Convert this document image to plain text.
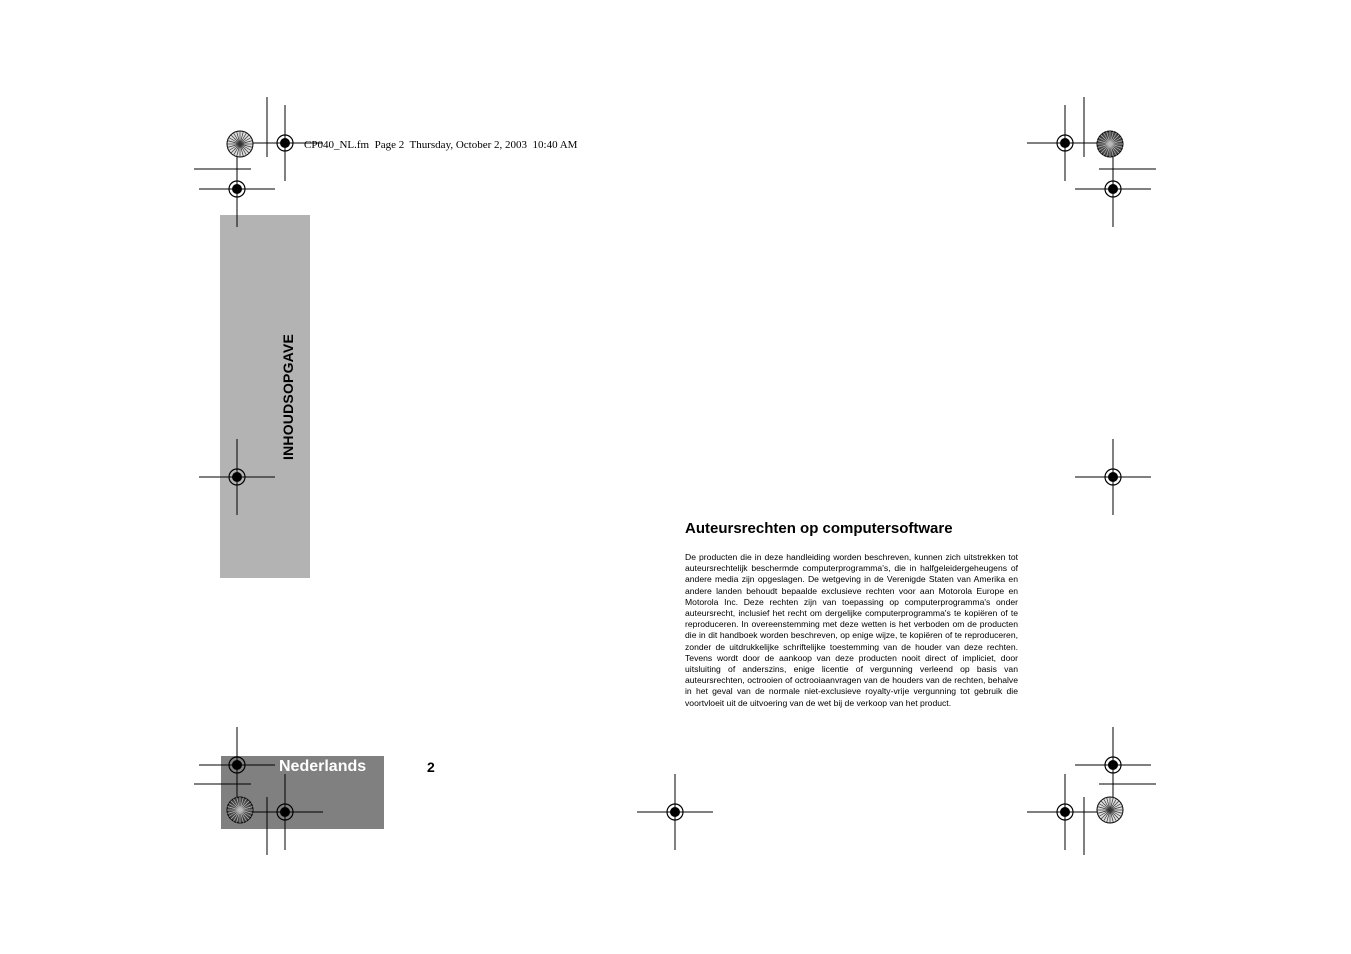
CP040_NL.fm  Page 2  Thursday, October 2, 2003  10:40 AM
INHOUDSOPGAVE
Nederlands	2
Auteursrechten op computersoftware

De producten die in deze handleiding worden beschreven, kunnen zich uitstrekken tot auteursrechtelijk beschermde computerprogramma's, die in halfgeleidergeheugens of andere media zijn opgeslagen. De wetgeving in de Verenigde Staten van Amerika en andere landen behoudt bepaalde exclusieve rechten voor aan Motorola Europe en Motorola Inc. Deze rechten zijn van toepassing op computerprogramma's onder auteursrecht, inclusief het recht om dergelijke computerprogramma's te kopiëren of te reproduceren. In overeenstemming met deze wetten is het verboden om de producten die in dit handboek worden beschreven, op enige wijze, te kopiëren of te reproduceren, zonder de uitdrukkelijke schriftelijke toestemming van de houder van deze rechten. Tevens wordt door de aankoop van deze producten nooit direct of impliciet, door uitsluiting of anderszins, enige licentie of vergunning verleend op basis van auteursrechten, octrooien of octrooiaanvragen van de houders van de rechten, behalve in het geval van de normale niet-exclusieve royalty-vrije vergunning tot gebruik die voortvloeit uit de uitvoering van de wet bij de verkoop van het product.
